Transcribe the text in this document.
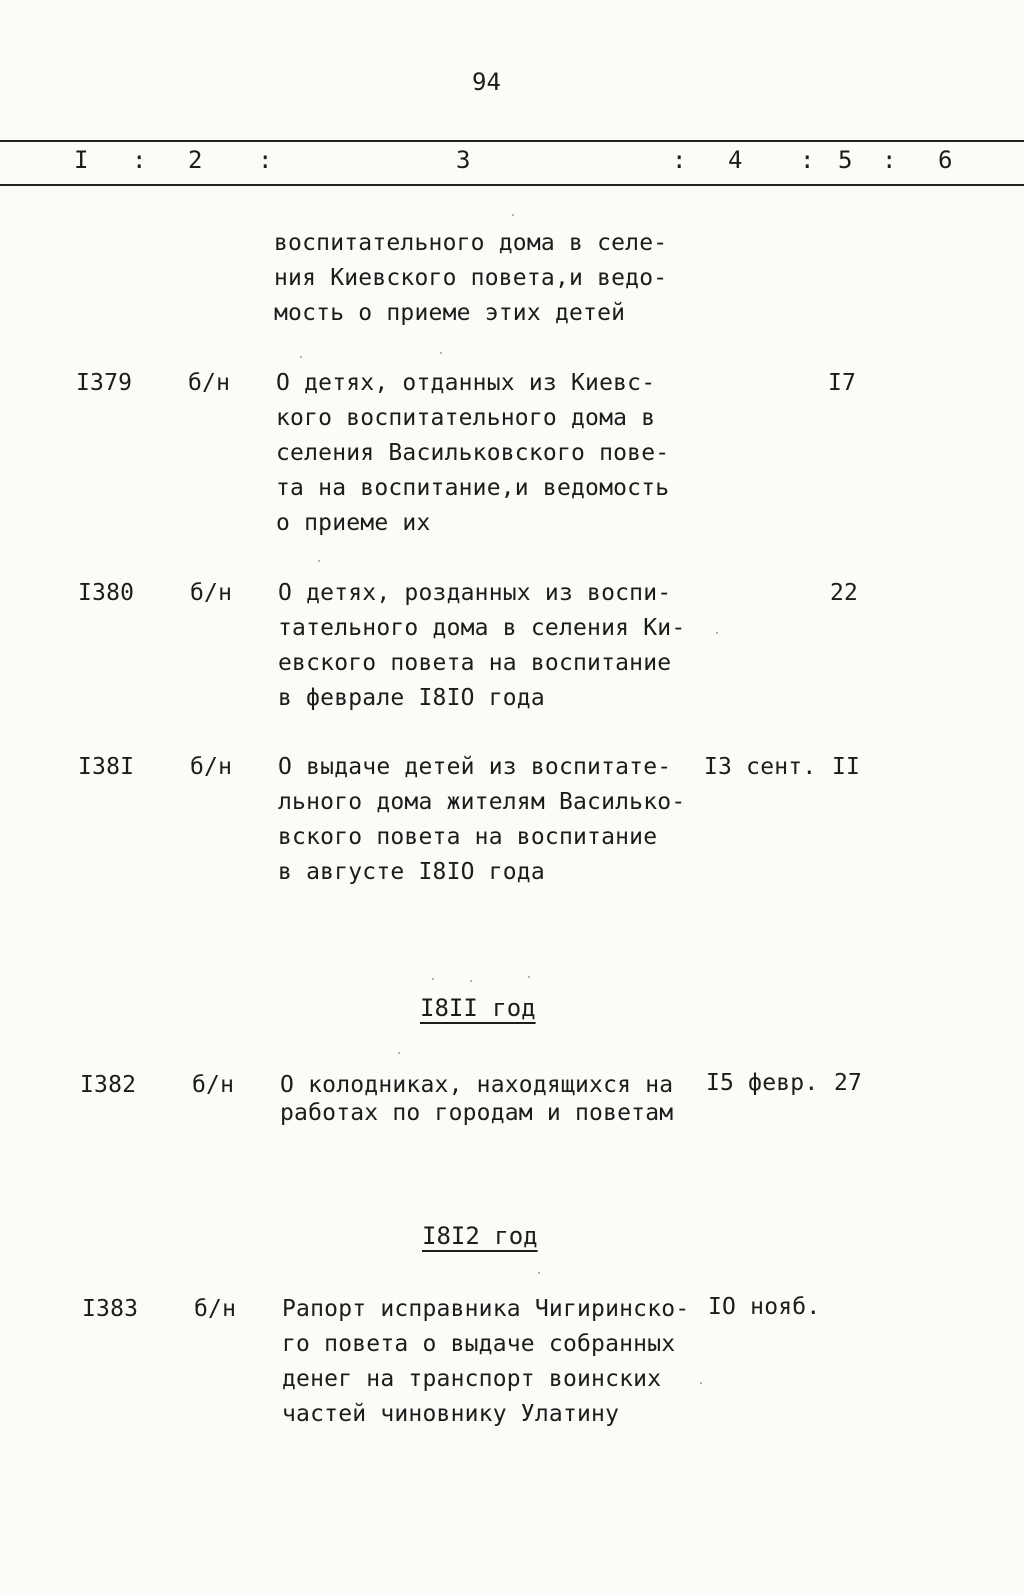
94
I : 2 :	3	: 4 : 5 : 6
воспитательного дома в селе-
ния Киевского повета,и ведо-
мость о приеме этих детей
I379 б/н О детях, отданных из Киевс-
кого воспитательного дома в
селения Васильковского пове-
та на воспитание,и ведомость
о приеме их
I7
I380 б/н О детях, розданных из воспи-
тательного дома в селения Ки-
евского повета на воспитание
в феврале I8IO года
22
I38I б/н О выдаче детей из воспитате-
льного дома жителям Василько-
вского повета на воспитание
в августе I8IO года
I3 сент. II
I8II год
I382 б/н О колодниках, находящихся на
работах по городам и поветам
I5 февр. 27
I8I2 год
I383 б/н Рапорт исправника Чигиринско-
го повета о выдаче собранных
денег на транспорт воинских
частей чиновнику Улатину
IO нояб.
